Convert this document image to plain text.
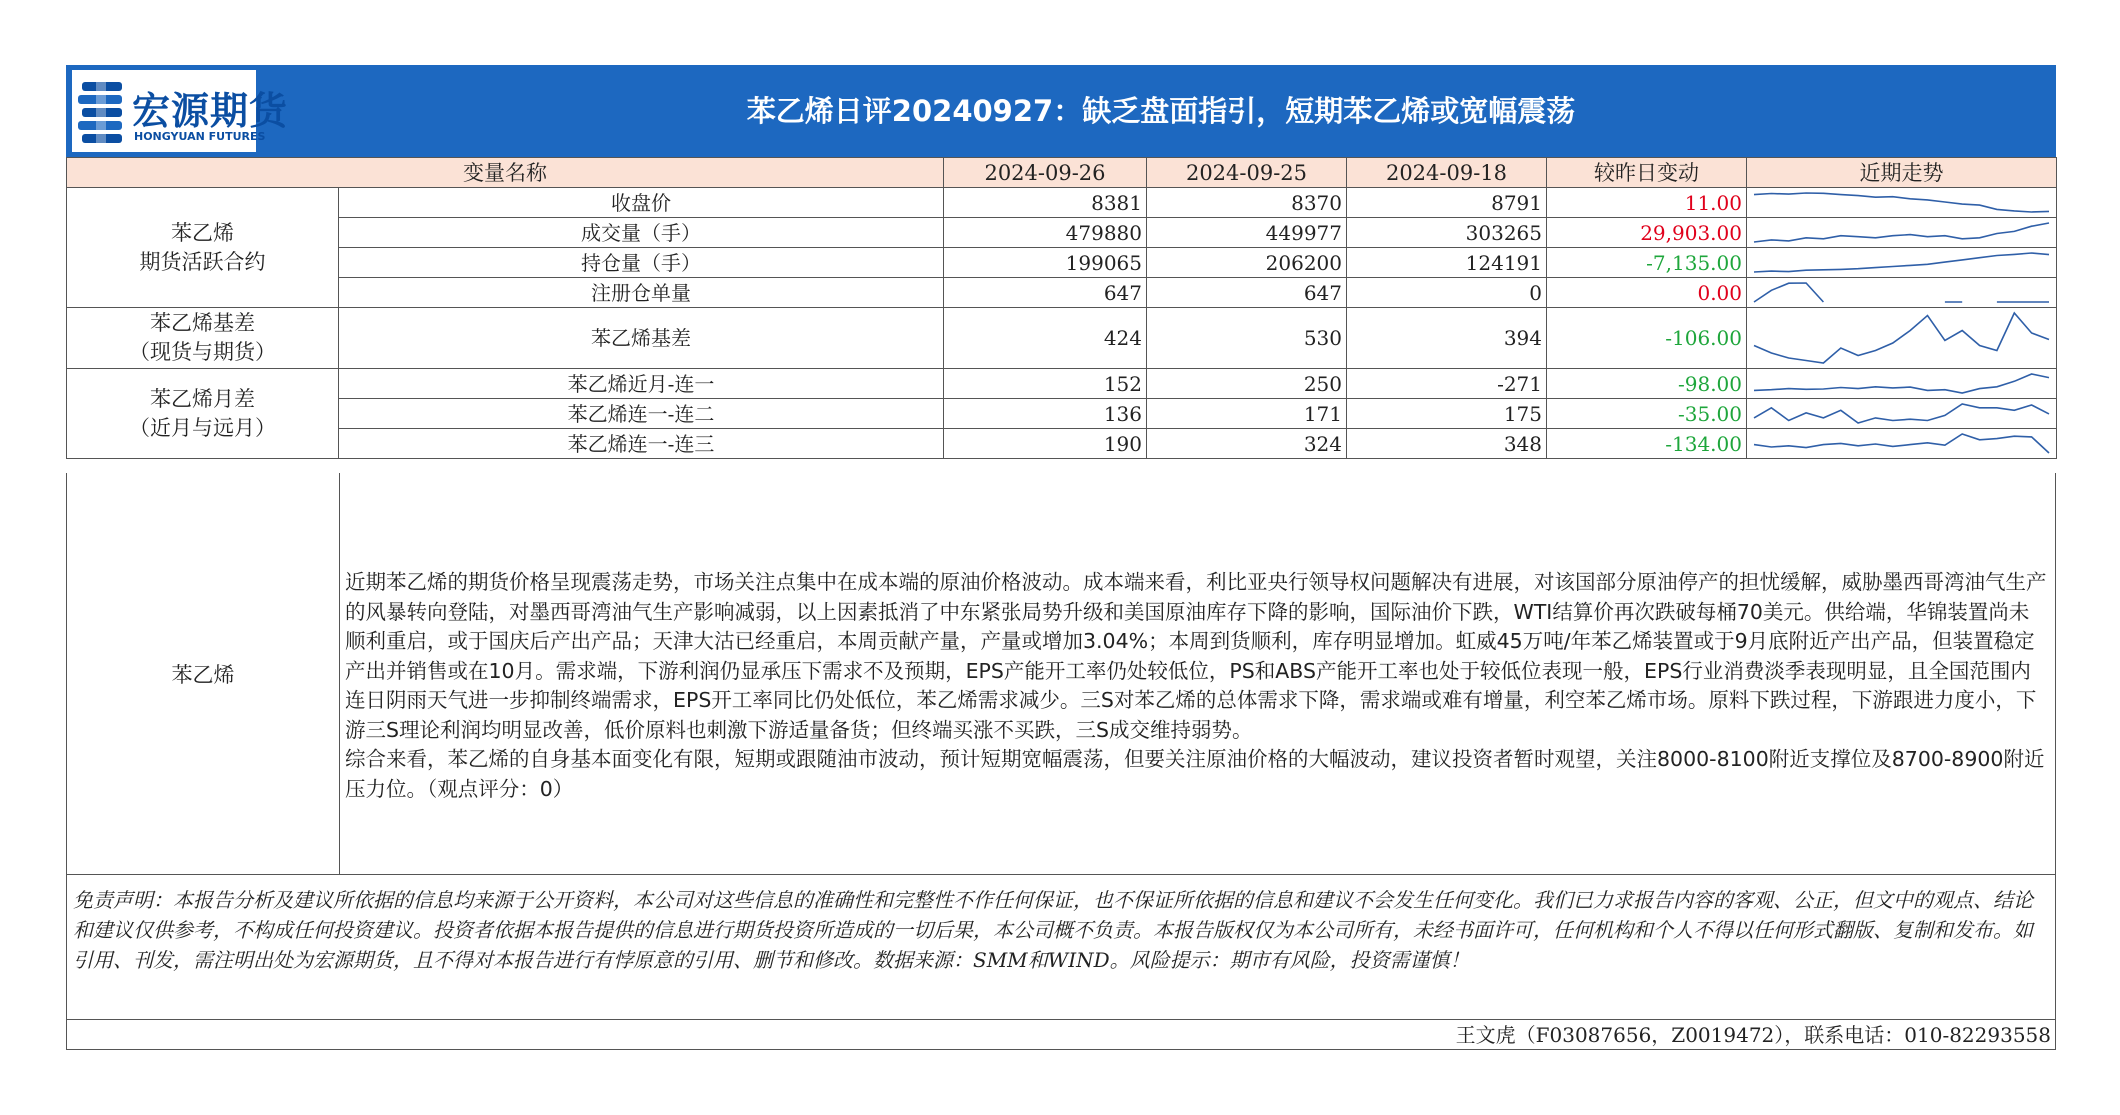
宏源期货
HONGYUAN FUTURES
苯乙烯日评20240927：缺乏盘面指引，短期苯乙烯或宽幅震荡
变量名称		2024-09-26	2024-09-25	2024-09-18	较昨日变动	近期走势
苯乙烯
期货活跃合约	收盘价	8381	8370	8791	11.00	

	成交量（手）	479880	449977	303265	29,903.00	

	持仓量（手）	199065	206200	124191	-7,135.00	

	注册仓单量	647	647	0	0.00	

苯乙烯基差
（现货与期货）	苯乙烯基差	424	530	394	-106.00	

苯乙烯月差
（近月与远月）	苯乙烯近月-连一	152	250	-271	-98.00	

	苯乙烯连一-连二	136	171	175	-35.00	

	苯乙烯连一-连三	190	324	348	-134.00	
苯乙烯

近期苯乙烯的期货价格呈现震荡走势，市场关注点集中在成本端的原油价格波动。成本端来看，利比亚央行领导权问题解决有进展，对该国部分原油停产的担忧缓解，威胁墨西哥湾油气生产的风暴转向登陆，对墨西哥湾油气生产影响减弱，以上因素抵消了中东紧张局势升级和美国原油库存下降的影响，国际油价下跌，WTI结算价再次跌破每桶70美元。供给端，华锦装置尚未顺利重启，或于国庆后产出产品；天津大沽已经重启，本周贡献产量，产量或增加3.04%；本周到货顺利，库存明显增加。虹威45万吨/年苯乙烯装置或于9月底附近产出产品，但装置稳定产出并销售或在10月。需求端，下游利润仍显承压下需求不及预期，EPS产能开工率仍处较低位，PS和ABS产能开工率也处于较低位表现一般，EPS行业消费淡季表现明显，且全国范围内连日阴雨天气进一步抑制终端需求，EPS开工率同比仍处低位，苯乙烯需求减少。三S对苯乙烯的总体需求下降，需求端或难有增量，利空苯乙烯市场。原料下跌过程，下游跟进力度小，下游三S理论利润均明显改善，低价原料也刺激下游适量备货；但终端买涨不买跌，三S成交维持弱势。

综合来看，苯乙烯的自身基本面变化有限，短期或跟随油市波动，预计短期宽幅震荡，但要关注原油价格的大幅波动，建议投资者暂时观望，关注8000-8100附近支撑位及8700-8900附近压力位。（观点评分：0）

免责声明：本报告分析及建议所依据的信息均来源于公开资料，本公司对这些信息的准确性和完整性不作任何保证，也不保证所依据的信息和建议不会发生任何变化。我们已力求报告内容的客观、公正，但文中的观点、结论和建议仅供参考，不构成任何投资建议。投资者依据本报告提供的信息进行期货投资所造成的一切后果，本公司概不负责。本报告版权仅为本公司所有，未经书面许可，任何机构和个人不得以任何形式翻版、复制和发布。如引用、刊发，需注明出处为宏源期货，且不得对本报告进行有悖原意的引用、删节和修改。数据来源：SMM和WIND。风险提示：期市有风险，投资需谨慎！
王文虎（F03087656，Z0019472），联系电话：010-82293558
